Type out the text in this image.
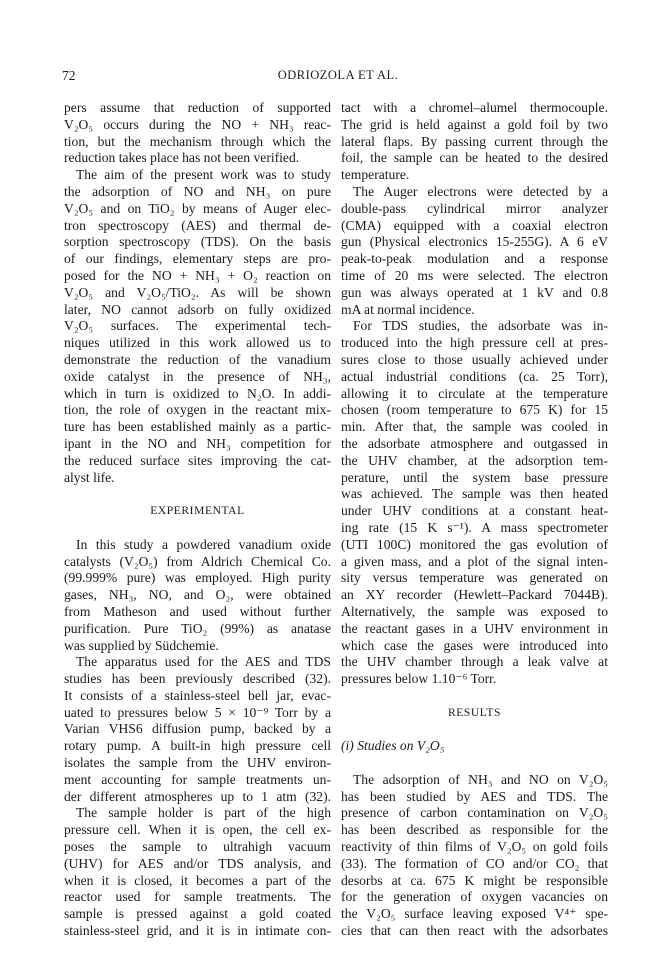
72	ODRIOZOLA ET AL.
pers assume that reduction of supported
V₂O₅ occurs during the NO + NH₃ reac-
tion, but the mechanism through which the
reduction takes place has not been verified.
The aim of the present work was to study
the adsorption of NO and NH₃ on pure
V₂O₅ and on TiO₂ by means of Auger elec-
tron spectroscopy (AES) and thermal de-
sorption spectroscopy (TDS). On the basis
of our findings, elementary steps are pro-
posed for the NO + NH₃ + O₂ reaction on
V₂O₅ and V₂O₅/TiO₂. As will be shown
later, NO cannot adsorb on fully oxidized
V₂O₅ surfaces. The experimental tech-
niques utilized in this work allowed us to
demonstrate the reduction of the vanadium
oxide catalyst in the presence of NH₃,
which in turn is oxidized to N₂O. In addi-
tion, the role of oxygen in the reactant mix-
ture has been established mainly as a partic-
ipant in the NO and NH₃ competition for
the reduced surface sites improving the cat-
alyst life.
EXPERIMENTAL
In this study a powdered vanadium oxide
catalysts (V₂O₅) from Aldrich Chemical Co.
(99.999% pure) was employed. High purity
gases, NH₃, NO, and O₂, were obtained
from Matheson and used without further
purification. Pure TiO₂ (99%) as anatase
was supplied by Südchemie.
The apparatus used for the AES and TDS
studies has been previously described (32).
It consists of a stainless-steel bell jar, evac-
uated to pressures below 5 × 10⁻⁹ Torr by a
Varian VHS6 diffusion pump, backed by a
rotary pump. A built-in high pressure cell
isolates the sample from the UHV environ-
ment accounting for sample treatments un-
der different atmospheres up to 1 atm (32).
The sample holder is part of the high
pressure cell. When it is open, the cell ex-
poses the sample to ultrahigh vacuum
(UHV) for AES and/or TDS analysis, and
when it is closed, it becomes a part of the
reactor used for sample treatments. The
sample is pressed against a gold coated
stainless-steel grid, and it is in intimate con-
tact with a chromel–alumel thermocouple.
The grid is held against a gold foil by two
lateral flaps. By passing current through the
foil, the sample can be heated to the desired
temperature.
The Auger electrons were detected by a
double-pass cylindrical mirror analyzer
(CMA) equipped with a coaxial electron
gun (Physical electronics 15-255G). A 6 eV
peak-to-peak modulation and a response
time of 20 ms were selected. The electron
gun was always operated at 1 kV and 0.8
mA at normal incidence.
For TDS studies, the adsorbate was in-
troduced into the high pressure cell at pres-
sures close to those usually achieved under
actual industrial conditions (ca. 25 Torr),
allowing it to circulate at the temperature
chosen (room temperature to 675 K) for 15
min. After that, the sample was cooled in
the adsorbate atmosphere and outgassed in
the UHV chamber, at the adsorption tem-
perature, until the system base pressure
was achieved. The sample was then heated
under UHV conditions at a constant heat-
ing rate (15 K s⁻¹). A mass spectrometer
(UTI 100C) monitored the gas evolution of
a given mass, and a plot of the signal inten-
sity versus temperature was generated on
an XY recorder (Hewlett–Packard 7044B).
Alternatively, the sample was exposed to
the reactant gases in a UHV environment in
which case the gases were introduced into
the UHV chamber through a leak valve at
pressures below 1.10⁻⁶ Torr.
RESULTS
(i) Studies on V₂O₅
The adsorption of NH₃ and NO on V₂O₅
has been studied by AES and TDS. The
presence of carbon contamination on V₂O₅
has been described as responsible for the
reactivity of thin films of V₂O₅ on gold foils
(33). The formation of CO and/or CO₂ that
desorbs at ca. 675 K might be responsible
for the generation of oxygen vacancies on
the V₂O₅ surface leaving exposed V⁴⁺ spe-
cies that can then react with the adsorbates
